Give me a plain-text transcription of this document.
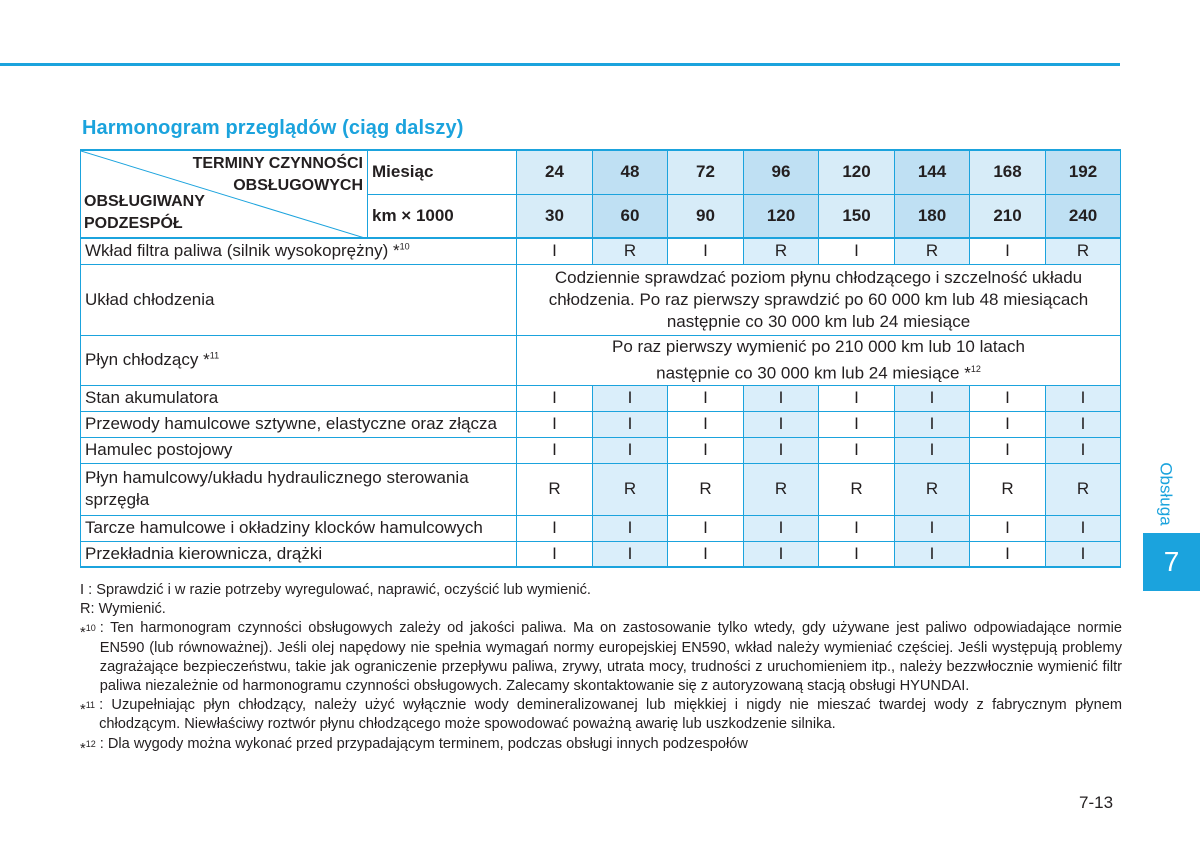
Harmonogram przeglądów (ciąg dalszy)
TERMINY CZYNNOŚCI
OBSŁUGOWYCH
OBSŁUGIWANY
PODZESPÓŁ	Miesiąc	24	48	72	96	120	144	168	192
	km × 1000	30	60	90	120	150	180	210	240
Wkład filtra paliwa (silnik wysokoprężny) *$^{10}$		I	R	I	R	I	R	I	R
Układ chłodzenia		Codziennie sprawdzać poziom płynu chłodzącego i szczelność układu
chłodzenia. Po raz pierwszy sprawdzić po 60 000 km lub 48 miesiącach
następnie co 30 000 km lub 24 miesiące							

Płyn chłodzący *$^{11}$		Po raz pierwszy wymienić po 210 000 km lub 10 latach
następnie co 30 000 km lub 24 miesiące *$^{12}$

Stan akumulatora		I	I	I	I	I	I	I	I
Przewody hamulcowe sztywne, elastyczne oraz złącza		I	I	I	I	I	I	I	I
Hamulec postojowy		I	I	I	I	I	I	I	I

Płyn hamulcowy/układu hydraulicznego sterowania
sprzęgła		R	R	R	R	R	R	R	R
Tarcze hamulcowe i okładziny klocków hamulcowych		I	I	I	I	I	I	I	I
Przekładnia kierownicza, drążki		I	I	I	I	I	I	I	I
I : Sprawdzić i w razie potrzeby wyregulować, naprawić, oczyścić lub wymienić.
R: Wymienić.
*$^{10}$ : Ten harmonogram czynności obsługowych zależy od jakości paliwa. Ma on zastosowanie tylko wtedy, gdy używane jest paliwo odpowiadające normie EN590 (lub równoważnej). Jeśli olej napędowy nie spełnia wymagań normy europejskiej EN590, wkład należy wymieniać częściej. Jeśli występują problemy zagrażające bezpieczeństwu, takie jak ograniczenie przepływu paliwa, zrywy, utrata mocy, trudności z uruchomieniem itp., należy bezzwłocznie wymienić filtr paliwa niezależnie od harmonogramu czynności obsługowych. Zalecamy skontaktowanie się z autoryzowaną stacją obsługi HYUNDAI.
*$^{11}$ : Uzupełniając płyn chłodzący, należy użyć wyłącznie wody demineralizowanej lub miękkiej i nigdy nie mieszać twardej wody z fabrycznym płynem chłodzącym. Niewłaściwy roztwór płynu chłodzącego może spowodować poważną awarię lub uszkodzenie silnika.
*$^{12}$ : Dla wygody można wykonać przed przypadającym terminem, podczas obsługi innych podzespołów
7-13
Obsługa
7
